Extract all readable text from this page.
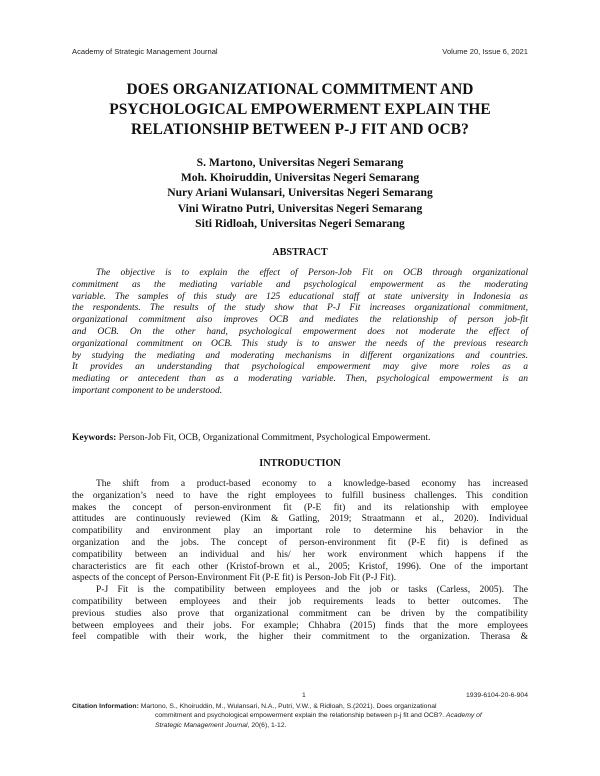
Academy of Strategic Management Journal	Volume 20, Issue 6, 2021
DOES ORGANIZATIONAL COMMITMENT AND
PSYCHOLOGICAL EMPOWERMENT EXPLAIN THE
RELATIONSHIP BETWEEN P-J FIT AND OCB?
S. Martono, Universitas Negeri Semarang
Moh. Khoiruddin, Universitas Negeri Semarang
Nury Ariani Wulansari, Universitas Negeri Semarang
Vini Wiratno Putri, Universitas Negeri Semarang
Siti Ridloah, Universitas Negeri Semarang
ABSTRACT
The objective is to explain the effect of Person-Job Fit on OCB through organizational
commitment as the mediating variable and psychological empowerment as the moderating
variable. The samples of this study are 125 educational staff at state university in Indonesia as
the respondents. The results of the study show that P-J Fit increases organizational commitment,
organizational commitment also improves OCB and mediates the relationship of person job-fit
and OCB. On the other hand, psychological empowerment does not moderate the effect of
organizational commitment on OCB. This study is to answer the needs of the previous research
by studying the mediating and moderating mechanisms in different organizations and countries.
It provides an understanding that psychological empowerment may give more roles as a
mediating or antecedent than as a moderating variable. Then, psychological empowerment is an
important component to be understood.
Keywords: Person-Job Fit, OCB, Organizational Commitment, Psychological Empowerment.
INTRODUCTION
The shift from a product-based economy to a knowledge-based economy has increased
the organization’s need to have the right employees to fulfill business challenges. This condition
makes the concept of person-environment fit (P-E fit) and its relationship with employee
attitudes are continuously reviewed (Kim & Gatling, 2019; Straatmann et al., 2020). Individual
compatibility and environment play an important role to determine his behavior in the
organization and the jobs. The concept of person-environment fit (P-E fit) is defined as
compatibility between an individual and his/ her work environment which happens if the
characteristics are fit each other (Kristof-brown et al., 2005; Kristof, 1996). One of the important
aspects of the concept of Person-Environment Fit (P-E fit) is Person-Job Fit (P-J Fit).
P-J Fit is the compatibility between employees and the job or tasks (Carless, 2005). The
compatibility between employees and their job requirements leads to better outcomes. The
previous studies also prove that organizational commitment can be driven by the compatibility
between employees and their jobs. For example; Chhabra (2015) finds that the more employees
feel compatible with their work, the higher their commitment to the organization. Therasa &
1	1939-6104-20-6-904
Citation Information: Martono, S., Khoiruddin, M., Wulansari, N.A., Putri, V.W., & Ridloah, S.(2021). Does organizational
commitment and psychological empowerment explain the relationship between p-j fit and OCB?. Academy of
Strategic Management Journal, 20(6), 1-12.
